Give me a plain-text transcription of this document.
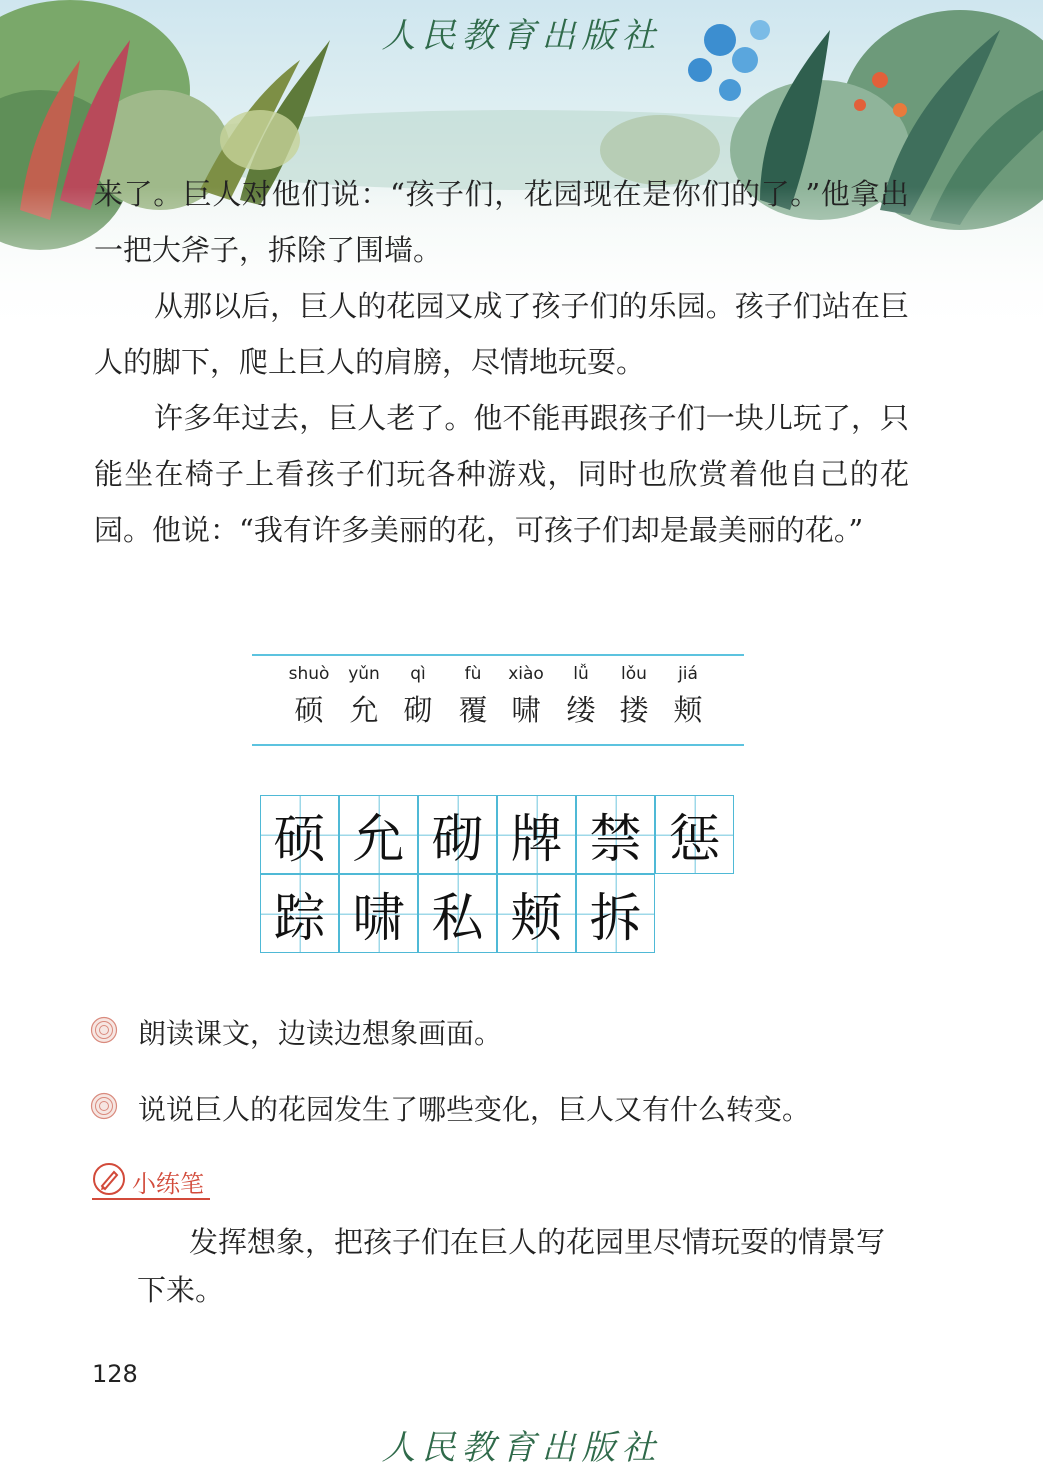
人民教育出版社

来了。巨人对他们说：“孩子们，花园现在是你们的了。”他拿出一把大斧子，拆除了围墙。

从那以后，巨人的花园又成了孩子们的乐园。孩子们站在巨人的脚下，爬上巨人的肩膀，尽情地玩耍。

许多年过去，巨人老了。他不能再跟孩子们一块儿玩了，只能坐在椅子上看孩子们玩各种游戏，同时也欣赏着他自己的花园。他说：“我有许多美丽的花，可孩子们却是最美丽的花。”

shuò
硕
yǔn
允
qì
砌
fù
覆
xiào
啸
lǚ
缕
lǒu
搂
jiá
颊
硕 允 砌 牌 禁 惩
踪 啸 私 颊 拆
朗读课文，边读边想象画面。
说说巨人的花园发生了哪些变化，巨人又有什么转变。
小练笔

发挥想象，把孩子们在巨人的花园里尽情玩耍的情景写下来。

128
人民教育出版社
